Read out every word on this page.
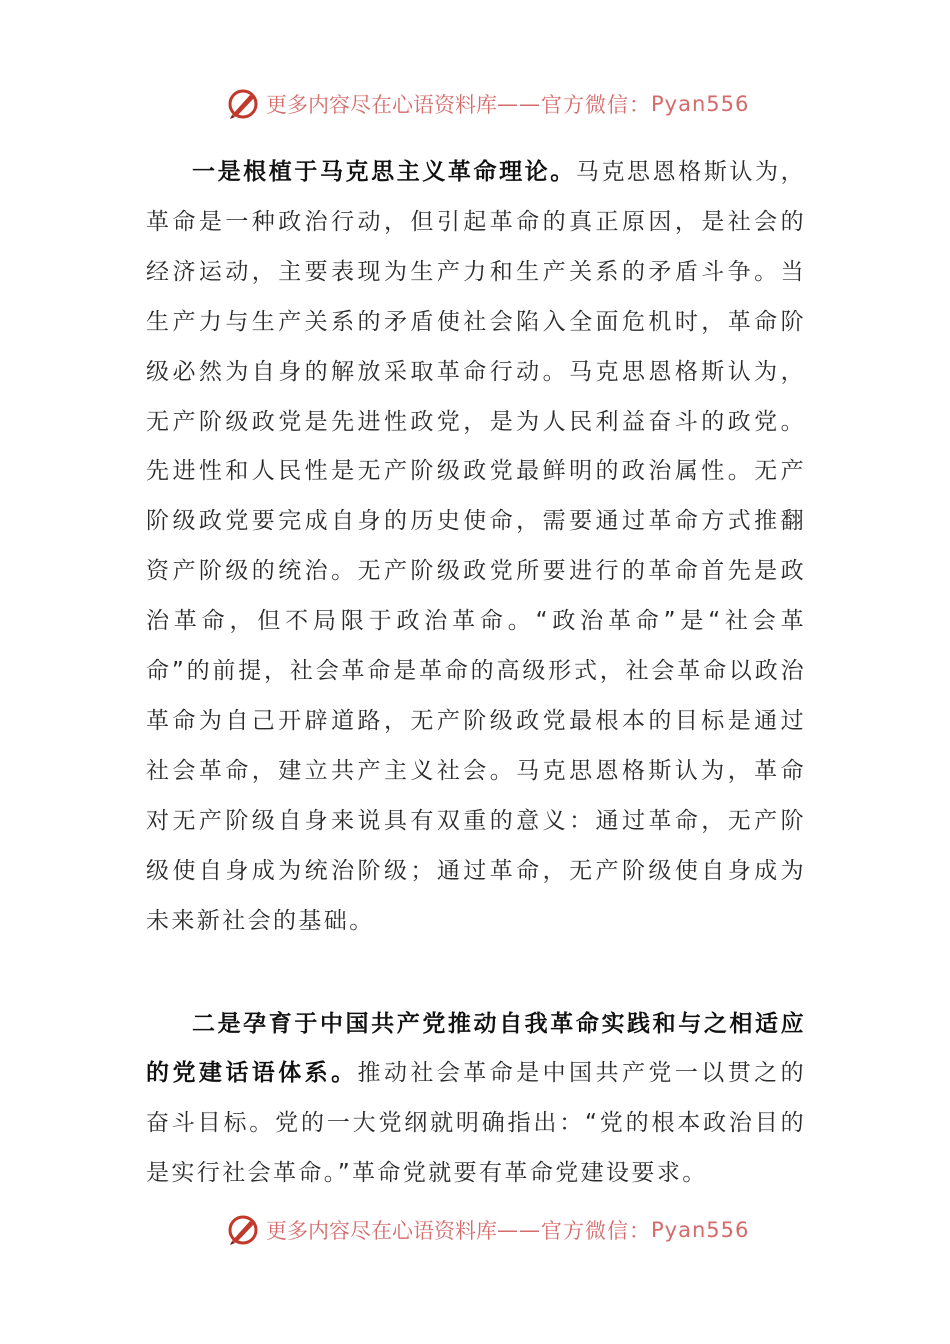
更多内容尽在心语资料库 —— 官方微信： Pyan556

一是根植于马克思主义革命理论。马克思恩格斯认为，革命是一种政治行动，但引起革命的真正原因，是社会的经济运动，主要表现为生产力和生产关系的矛盾斗争。当生产力与生产关系的矛盾使社会陷入全面危机时，革命阶级必然为自身的解放采取革命行动。马克思恩格斯认为，无产阶级政党是先进性政党，是为人民利益奋斗的政党。先进性和人民性是无产阶级政党最鲜明的政治属性。无产阶级政党要完成自身的历史使命，需要通过革命方式推翻资产阶级的统治。无产阶级政党所要进行的革命首先是政治革命，但不局限于政治革命。“政治革命”是“社会革命”的前提，社会革命是革命的高级形式，社会革命以政治革命为自己开辟道路，无产阶级政党最根本的目标是通过社会革命，建立共产主义社会。马克思恩格斯认为，革命对无产阶级自身来说具有双重的意义：通过革命，无产阶级使自身成为统治阶级；通过革命，无产阶级使自身成为未来新社会的基础。

二是孕育于中国共产党推动自我革命实践和与之相适应的党建话语体系。推动社会革命是中国共产党一以贯之的奋斗目标。党的一大党纲就明确指出：“党的根本政治目的是实行社会革命。”革命党就要有革命党建设要求。

更多内容尽在心语资料库 —— 官方微信： Pyan556
